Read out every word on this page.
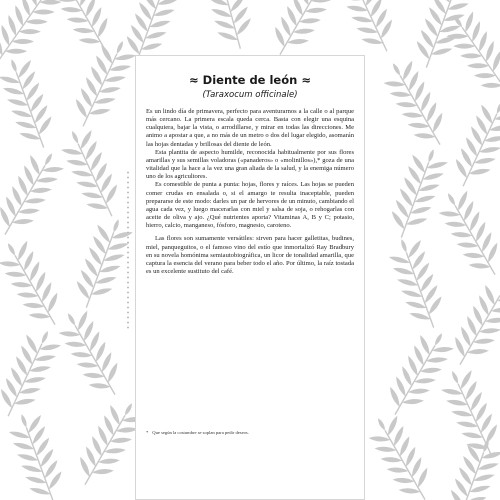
≈ Diente de león ≈
(Taraxocum officinale)

Es un lindo día de primavera, perfecto para aventurarnos a la calle o al parque más cercano. La primera escala queda cerca. Basta con elegir una esquina cualquiera, bajar la vista, o arrodillarse, y mirar en todas las direcciones. Me animo a apostar a que, a no más de un metro o dos del lugar elegido, asomarán las hojas dentadas y brillosas del diente de león.

Esta plantita de aspecto humilde, reconocida habitualmente por sus flores amarillas y sus semillas voladoras («panaderos» o «molinillos»),* goza de una vitalidad que la hace a la vez una gran aliada de la salud, y la enemiga número uno de los agricultores.

Es comestible de punta a punta: hojas, flores y raíces. Las hojas se pueden comer crudas en ensalada o, si el amargo te resulta inaceptable, pueden prepararse de este modo: darles un par de hervores de un minuto, cambiando el agua cada vez, y luego macerarlas con miel y salsa de soja, o rehogarlas con aceite de oliva y ajo. ¿Qué nutrientes aporta? Vitaminas A, B y C; potasio, hierro, calcio, manganeso, fósforo, magnesio, caroteno.

Las flores son sumamente versátiles: sirven para hacer galletitas, budines, miel, panqueguitos, o el famoso vino del estío que inmortalizó Ray Bradbury en su novela homónima semiautobiográfica, un licor de tonalidad amarilla, que captura la esencia del verano para beber todo el año. Por último, la raíz tostada es un excelente sustituto del café.

* Que según la costumbre se soplan para pedir deseos.
